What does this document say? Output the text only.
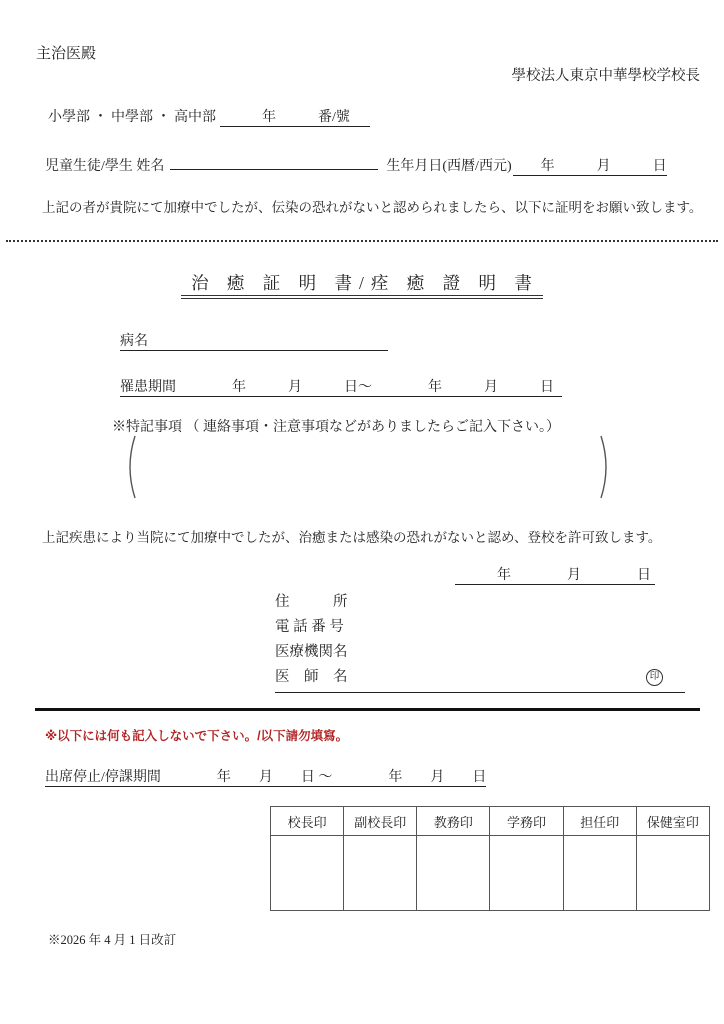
主治医殿
學校法人東京中華學校学校長
小學部 ・ 中學部 ・ 高中部 　　　年　　　番/號
児童生徒/學生 姓名	生年月日(西暦/西元) 　　年　　　月　　　日
上記の者が貴院にて加療中でしたが、伝染の恐れがないと認められましたら、以下に証明をお願い致します。
治 癒 証 明 書/痊 癒 證 明 書
病名
罹患期間　　　　年　　　月　　　日〜　　　　年　　　月　　　日
※特記事項 （ 連絡事項・注意事項などがありましたらご記入下さい。）
上記疾患により当院にて加療中でしたが、治癒または感染の恐れがないと認め、登校を許可致します。
　　　年　　　　月　　　　日
住　　　所
電 話 番 号
医療機関名
医　師　名	印
※以下には何も記入しないで下さい。/以下請勿填寫。
出席停止/停課期間　　　　年　　月　　日 ～　　　　年　　月　　日
校長印	副校長印	教務印	学務印	担任印	保健室印

※2026 年 4 月 1 日改訂
